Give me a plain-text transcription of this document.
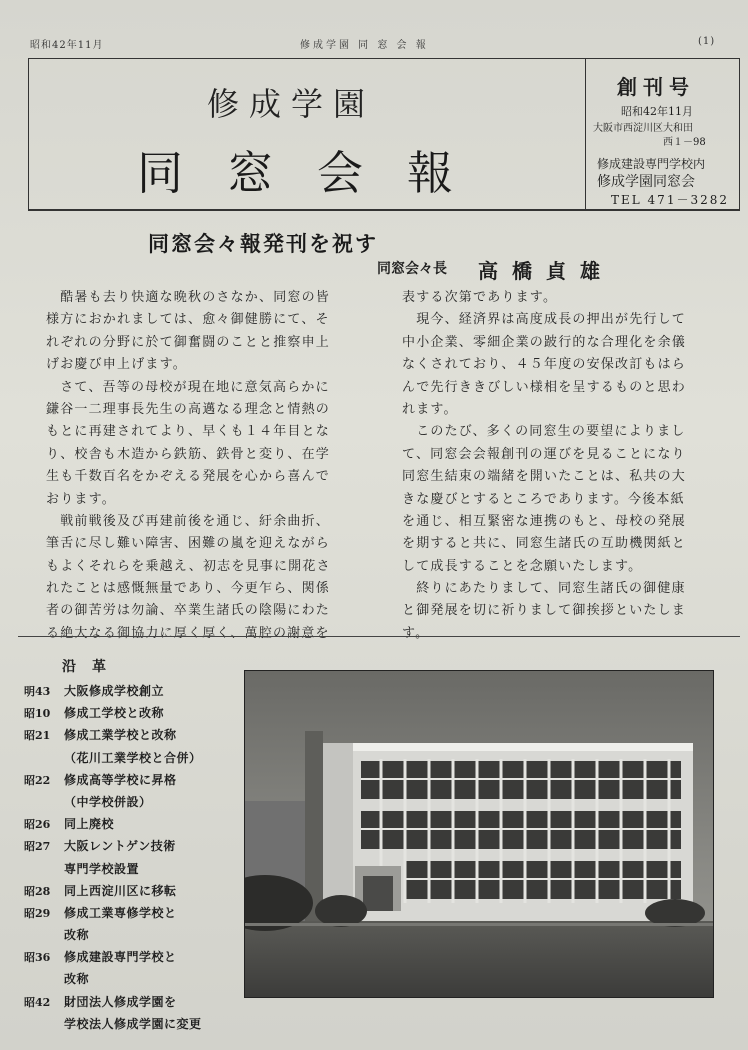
昭和42年11月	修成学園 同 窓 会 報	(1)
修成学園
同窓会報
創刊号
昭和42年11月
大阪市西淀川区大和田
西１－98
修成建設専門学校内
修成学園同窓会
TEL 471－3282
同窓会々報発刊を祝す
同窓会々長 高橋貞雄
　酷暑も去り快適な晩秋のさなか、同窓の皆
様方におかれましては、愈々御健勝にて、そ
れぞれの分野に於て御奮闘のことと推察申上
げお慶び申上げます。
　さて、吾等の母校が現在地に意気高らかに
鎌谷一二理事長先生の高邁なる理念と情熱の
もとに再建されてより、早くも１４年目とな
り、校舎も木造から鉄筋、鉄骨と変り、在学
生も千数百名をかぞえる発展を心から喜んで
おります。
　戦前戦後及び再建前後を通じ、紆余曲折、
筆舌に尽し難い障害、困難の嵐を迎えながら
もよくそれらを乗越え、初志を見事に開花さ
れたことは感慨無量であり、今更乍ら、関係
者の御苦労は勿論、卒業生諸氏の陰陽にわた
る絶大なる御協力に厚く厚く、萬腔の謝意を
表する次第であります。
　現今、経済界は高度成長の押出が先行して
中小企業、零細企業の跛行的な合理化を余儀
なくされており、４５年度の安保改訂もはら
んで先行ききびしい様相を呈するものと思わ
れます。
　このたび、多くの同窓生の要望によりまし
て、同窓会会報創刊の運びを見ることになり
同窓生結束の端緒を開いたことは、私共の大
きな慶びとするところであります。今後本紙
を通じ、相互緊密な連携のもと、母校の発展
を期すると共に、同窓生諸氏の互助機関紙と
して成長することを念願いたします。
　終りにあたりまして、同窓生諸氏の御健康
と御発展を切に祈りまして御挨拶といたしま
す。
沿革
明43 大阪修成学校創立
昭10 修成工学校と改称
昭21 修成工業学校と改称
（花川工業学校と合併）
昭22 修成高等学校に昇格
（中学校併設）
昭26 同上廃校
昭27 大阪レントゲン技術
専門学校設置
昭28 同上西淀川区に移転
昭29 修成工業専修学校と
改称
昭36 修成建設専門学校と
改称
昭42 財団法人修成学園を
学校法人修成学園に変更
